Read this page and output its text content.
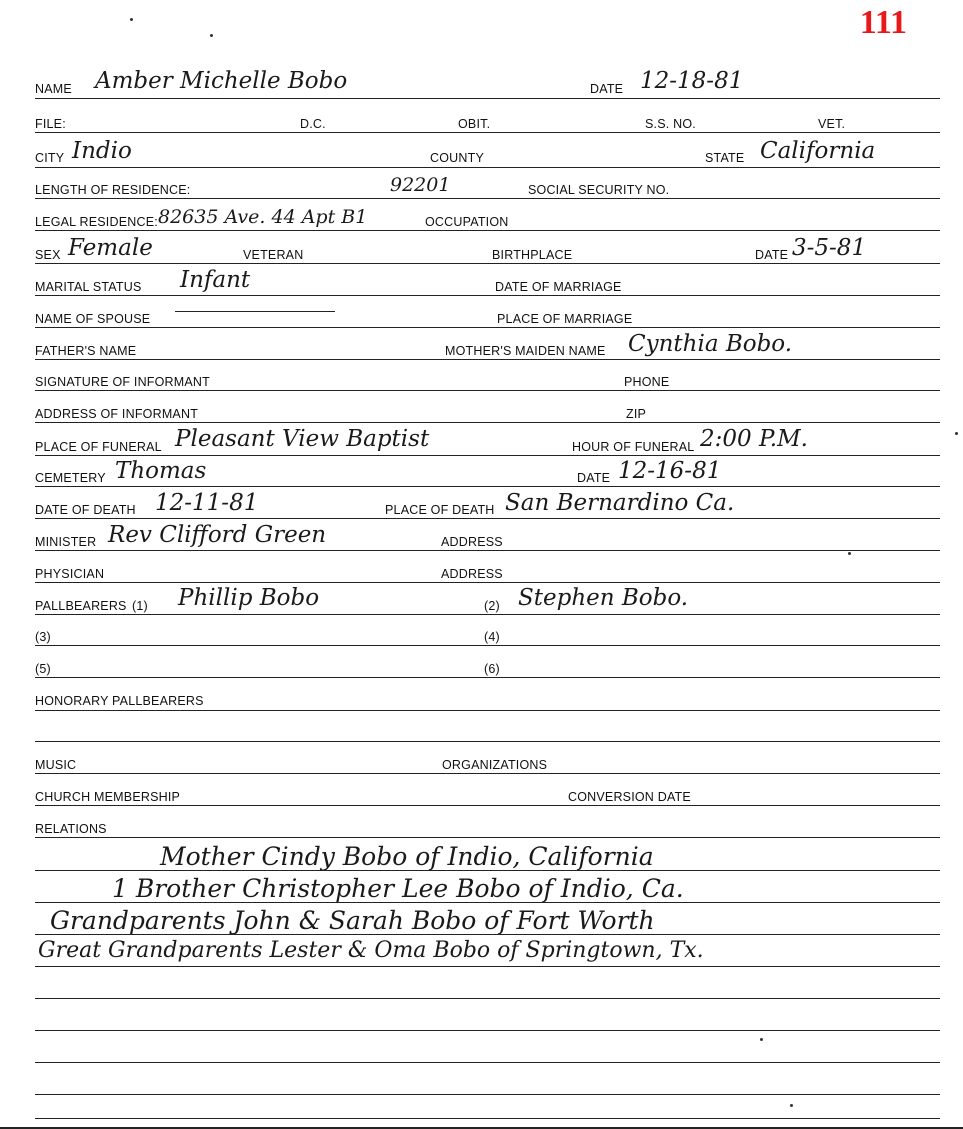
111
NAME Amber Michelle Bobo	DATE 12-18-81
FILE:	D.C.	OBIT.	S.S. NO.	VET.
CITY Indio	COUNTY	STATE California
LENGTH OF RESIDENCE:	92201	SOCIAL SECURITY NO.
LEGAL RESIDENCE: 82635 Ave. 44 Apt B1	OCCUPATION
SEX Female	VETERAN	BIRTHPLACE	DATE 3-5-81
MARITAL STATUS Infant	DATE OF MARRIAGE
NAME OF SPOUSE	PLACE OF MARRIAGE
FATHER'S NAME	MOTHER'S MAIDEN NAME Cynthia Bobo.
SIGNATURE OF INFORMANT	PHONE
ADDRESS OF INFORMANT	ZIP
PLACE OF FUNERAL Pleasant View Baptist	HOUR OF FUNERAL 2:00 P.M.
CEMETERY Thomas	DATE 12-16-81
DATE OF DEATH 12-11-81	PLACE OF DEATH San Bernardino Ca.
MINISTER Rev Clifford Green	ADDRESS
PHYSICIAN	ADDRESS
PALLBEARERS (1) Phillip Bobo	(2) Stephen Bobo.
(3)	(4)
(5)	(6)
HONORARY PALLBEARERS
MUSIC	ORGANIZATIONS
CHURCH MEMBERSHIP	CONVERSION DATE
RELATIONS
Mother Cindy Bobo of Indio, California
1 Brother Christopher Lee Bobo of Indio, Ca.
Grandparents John & Sarah Bobo of Fort Worth
Great Grandparents Lester & Oma Bobo of Springtown, Tx.
